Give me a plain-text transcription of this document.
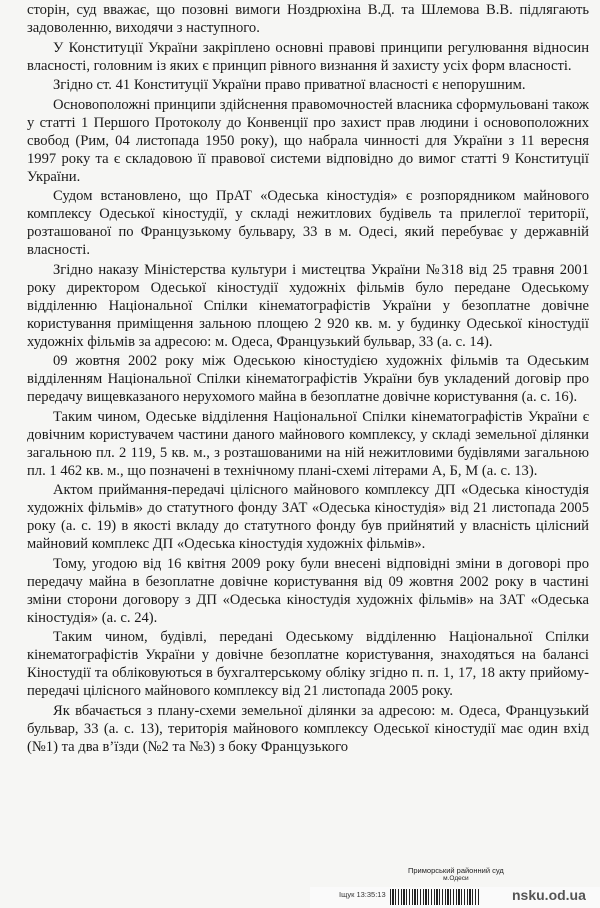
сторін, суд вважає, що позовні вимоги Ноздрюхіна В.Д. та Шлемова В.В. підлягають задоволенню, виходячи з наступного.

У Конституції України закріплено основні правові принципи регулювання відносин власності, головним із яких є принцип рівного визнання й захисту усіх форм власності.

Згідно ст. 41 Конституції України право приватної власності є непорушним.

Основоположні принципи здійснення правомочностей власника сформульовані також у статті 1 Першого Протоколу до Конвенції про захист прав людини і основоположних свобод (Рим, 04 листопада 1950 року), що набрала чинності для України з 11 вересня 1997 року та є складовою її правової системи відповідно до вимог статті 9 Конституції України.

Судом встановлено, що ПрАТ «Одеська кіностудія» є розпорядником майнового комплексу Одеської кіностудії, у складі нежитлових будівель та прилеглої території, розташованої по Французькому бульвару, 33 в м. Одесі, який перебуває у державній власності.

Згідно наказу Міністерства культури і мистецтва України №318 від 25 травня 2001 року директором Одеської кіностудії художніх фільмів було передане Одеському відділенню Національної Спілки кінематографістів України у безоплатне довічне користування приміщення зальною площею 2 920 кв. м. у будинку Одеської кіностудії художніх фільмів за адресою: м. Одеса, Французький бульвар, 33 (а. с. 14).

09 жовтня 2002 року між Одеською кіностудією художніх фільмів та Одеським відділенням Національної Спілки кінематографістів України був укладений договір про передачу вищевказаного нерухомого майна в безоплатне довічне користування (а. с. 16).

Таким чином, Одеське відділення Національної Спілки кінематографістів України є довічним користувачем частини даного майнового комплексу, у складі земельної ділянки загальною пл. 2 119, 5 кв. м., з розташованими на ній нежитловими будівлями загальною пл. 1 462 кв. м., що позначені в технічному плані-схемі літерами А, Б, М (а. с. 13).

Актом приймання-передачі цілісного майнового комплексу ДП «Одеська кіностудія художніх фільмів» до статутного фонду ЗАТ «Одеська кіностудія» від 21 листопада 2005 року (а. с. 19) в якості вкладу до статутного фонду був прийнятий у власність цілісний майновий комплекс ДП «Одеська кіностудія художніх фільмів».

Тому, угодою від 16 квітня 2009 року були внесені відповідні зміни в договорі про передачу майна в безоплатне довічне користування від 09 жовтня 2002 року в частині зміни сторони договору з ДП «Одеська кіностудія художніх фільмів» на ЗАТ «Одеська кіностудія» (а. с. 24).

Таким чином, будівлі, передані Одеському відділенню Національної Спілки кінематографістів України у довічне безоплатне користування, знаходяться на балансі Кіностудії та обліковуються в бухгалтерському обліку згідно п. п. 1, 17, 18 акту прийому-передачі цілісного майнового комплексу від 21 листопада 2005 року.

Як вбачається з плану-схеми земельної ділянки за адресою: м. Одеса, Французький бульвар, 33 (а. с. 13), територія майнового комплексу Одеської кіностудії має один вхід (№1) та два в’їзди (№2 та №3) з боку Французького

Приморський районний суд
м.Одеси
Іщук 13:35:13	nsku.od.ua
